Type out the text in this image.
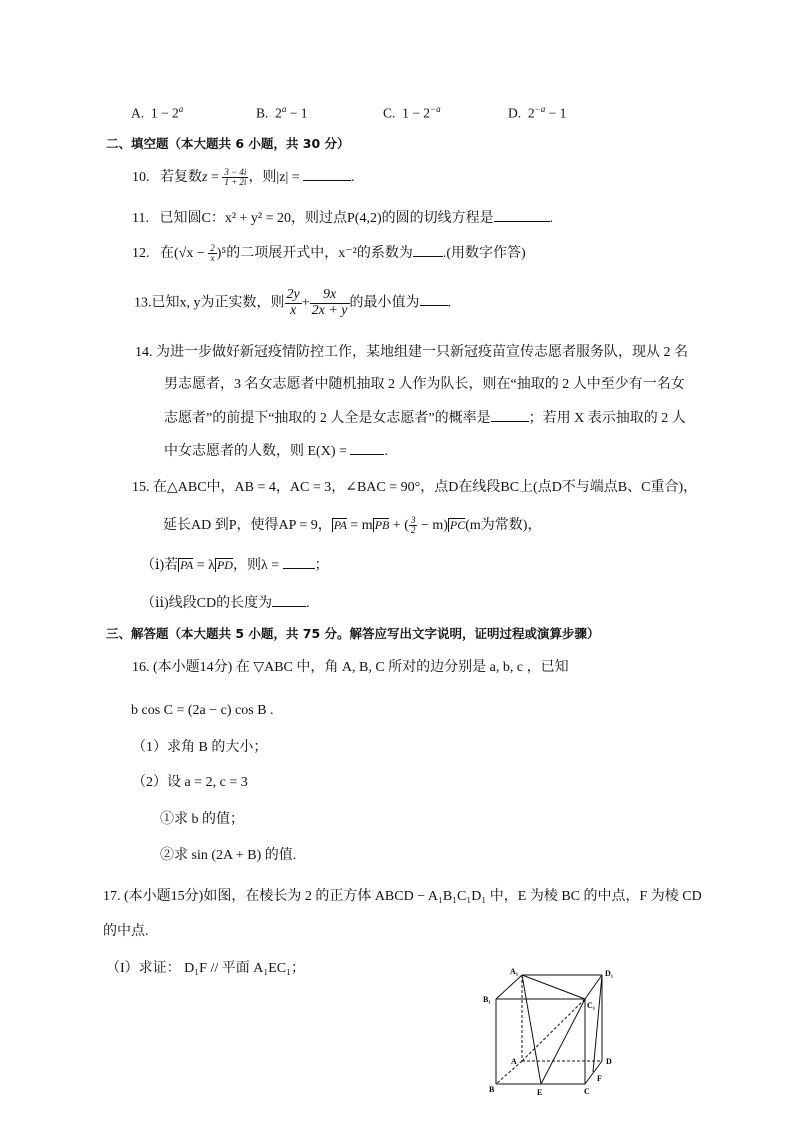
A. $1 - 2^a$	B. $2^a - 1$	C. $1 - 2^{-a}$	D. $2^{-a} - 1$
二、填空题（本大题共 6 小题，共 30 分）
10. 若复数$z = \frac{3 - 4i}{1 + 2i}$ ，则|z| =	.
11. 已知圆C：x² + y² = 20，则过点P(4,2)的圆的切线方程是	.
12. 在$(√x - \frac{2}{x} )^5$的二项展开式中，x⁻²的系数为 .(用数字作答)
13.已知x, y为正实数，则 $\frac{2y}{x} + \frac{9x}{2x + y}$ 的最小值为 .
14. 为进一步做好新冠疫情防控工作，某地组建一只新冠疫苗宣传志愿者服务队，现从 2 名
男志愿者，3 名女志愿者中随机抽取 2 人作为队长，则在“抽取的 2 人中至少有一名女
志愿者”的前提下“抽取的 2 人全是女志愿者”的概率是	；若用 X 表示抽取的 2 人
中女志愿者的人数，则 E(X) = .
15. 在△ABC中，AB = 4，AC = 3，∠BAC = 90°，点D在线段BC上(点D不与端点B、C重合)，
延长AD 到P，使得AP = 9， PA = m PB + ( $\frac{3}{2} - m$) PC(m为常数)，
（ⅰ)若 PA = λ PD，则λ = ；
（ⅱ)线段CD的长度为 .
三、解答题（本大题共 5 小题，共 75 分。解答应写出文字说明，证明过程或演算步骤）
16. (本小题14分) 在 ▽ABC 中，角 A, B, C 所对的边分别是 a, b, c ，已知
b cos C = (2a − c) cos B .
（1）求角 B 的大小；
（2）设 a = 2, c = 3
①求 b 的值；
②求 sin (2A + B) 的值.
17. (本小题15分)如图，在棱长为 2 的正方体 ABCD − A₁B₁C₁D₁ 中，E 为棱 BC 的中点，F 为棱 CD
的中点.
（I）求证： D₁F // 平面 A₁EC₁；	A₁	D₁
B₁
C₁
A	D
B	C
E
F
